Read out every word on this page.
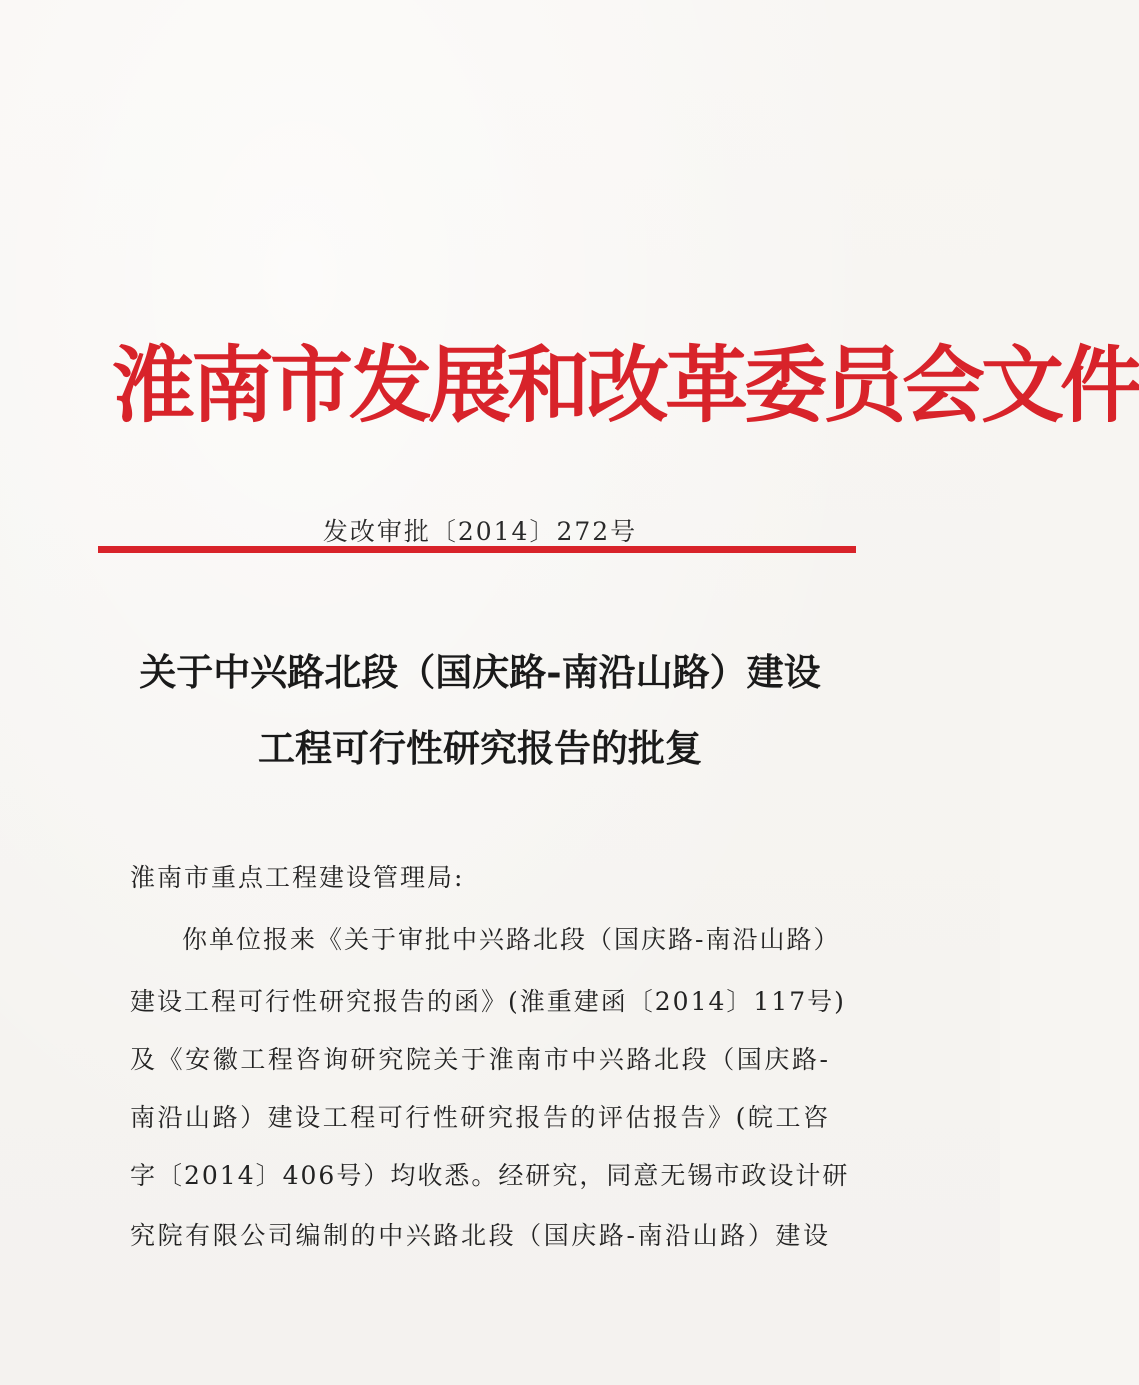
淮南市发展和改革委员会文件
发改审批〔2014〕272号
关于中兴路北段（国庆路-南沿山路）建设
工程可行性研究报告的批复
淮南市重点工程建设管理局:
你单位报来《关于审批中兴路北段（国庆路-南沿山路）
建设工程可行性研究报告的函》(淮重建函〔2014〕117号)
及《安徽工程咨询研究院关于淮南市中兴路北段（国庆路-
南沿山路）建设工程可行性研究报告的评估报告》(皖工咨
字〔2014〕406号）均收悉。经研究，同意无锡市政设计研
究院有限公司编制的中兴路北段（国庆路-南沿山路）建设
